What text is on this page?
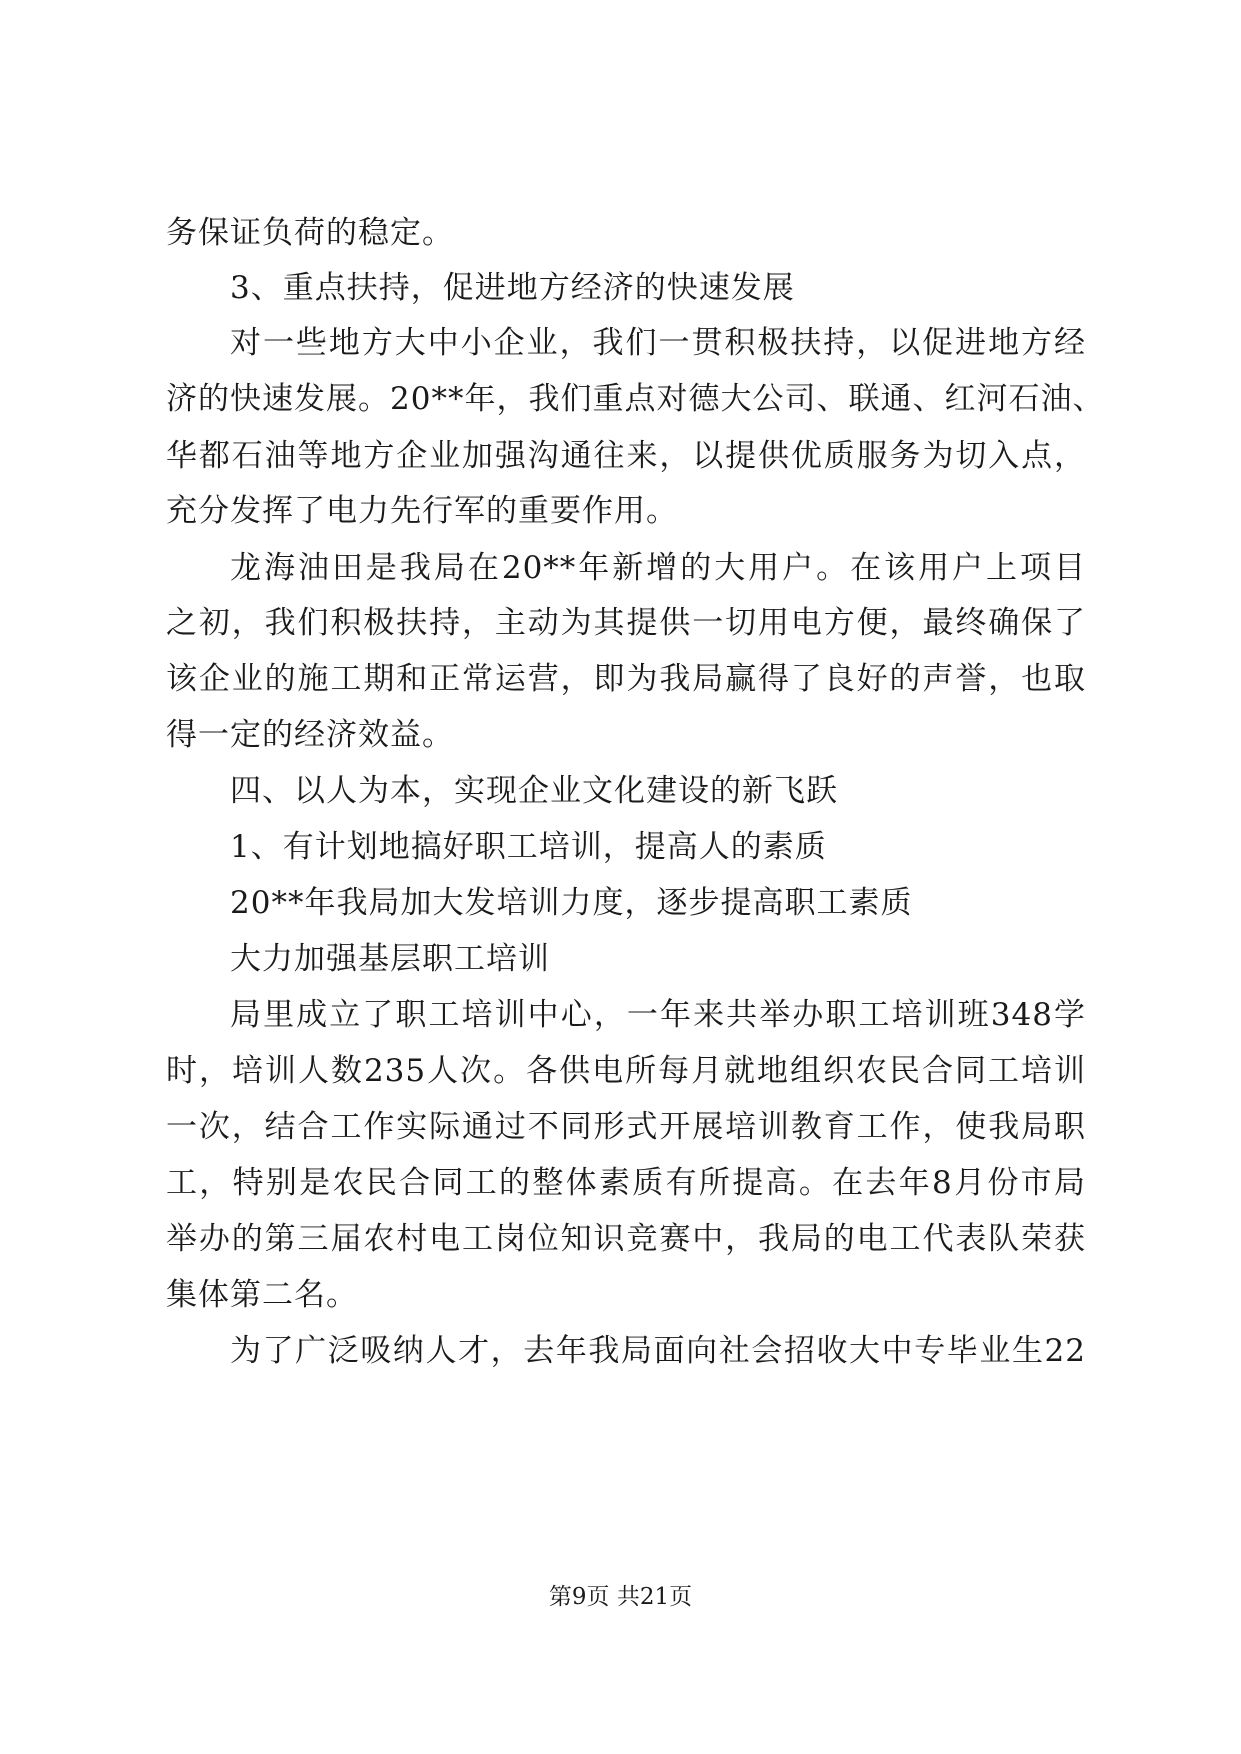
务保证负荷的稳定。
3、重点扶持，促进地方经济的快速发展
对一些地方大中小企业，我们一贯积极扶持，以促进地方经
济的快速发展。20**年，我们重点对德大公司、联通、红河石油、
华都石油等地方企业加强沟通往来，以提供优质服务为切入点，
充分发挥了电力先行军的重要作用。
龙海油田是我局在20**年新增的大用户。在该用户上项目
之初，我们积极扶持，主动为其提供一切用电方便，最终确保了
该企业的施工期和正常运营，即为我局赢得了良好的声誉，也取
得一定的经济效益。
四、以人为本，实现企业文化建设的新飞跃
1、有计划地搞好职工培训，提高人的素质
20**年我局加大发培训力度，逐步提高职工素质
大力加强基层职工培训
局里成立了职工培训中心，一年来共举办职工培训班348学
时，培训人数235人次。各供电所每月就地组织农民合同工培训
一次，结合工作实际通过不同形式开展培训教育工作，使我局职
工，特别是农民合同工的整体素质有所提高。在去年8月份市局
举办的第三届农村电工岗位知识竞赛中，我局的电工代表队荣获
集体第二名。
为了广泛吸纳人才，去年我局面向社会招收大中专毕业生22
第9页 共21页
